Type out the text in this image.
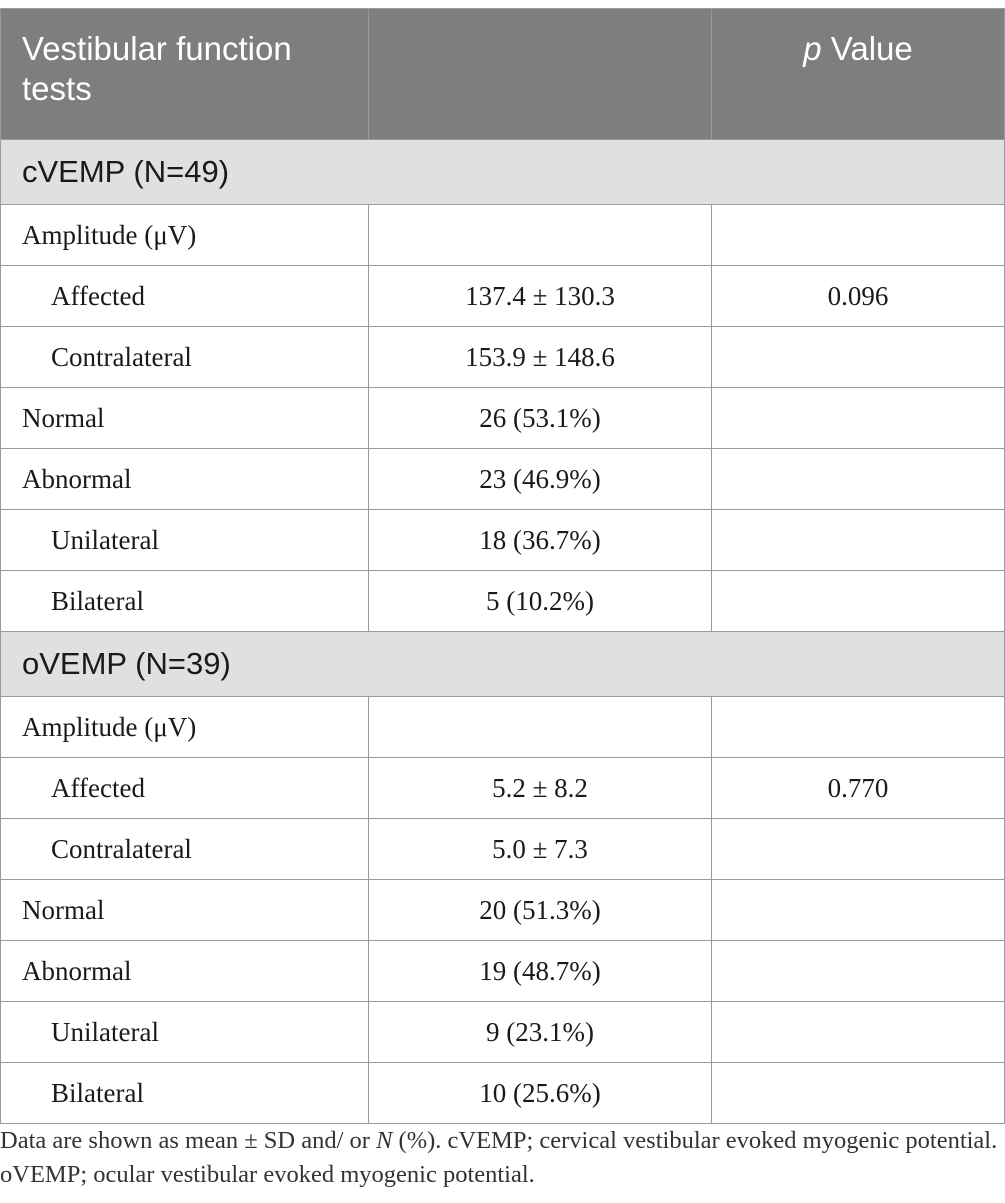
Vestibular function tests		p Value
cVEMP (N=49)		
Amplitude (μV)		
Affected	137.4 ± 130.3	0.096
Contralateral	153.9 ± 148.6	
Normal	26 (53.1%)	
Abnormal	23 (46.9%)	
Unilateral	18 (36.7%)	
Bilateral	5 (10.2%)	
oVEMP (N=39)		
Amplitude (μV)		
Affected	5.2 ± 8.2	0.770
Contralateral	5.0 ± 7.3	
Normal	20 (51.3%)	
Abnormal	19 (48.7%)	
Unilateral	9 (23.1%)	
Bilateral	10 (25.6%)	
Data are shown as mean ± SD and/ or N (%). cVEMP; cervical vestibular evoked myogenic potential. oVEMP; ocular vestibular evoked myogenic potential.
